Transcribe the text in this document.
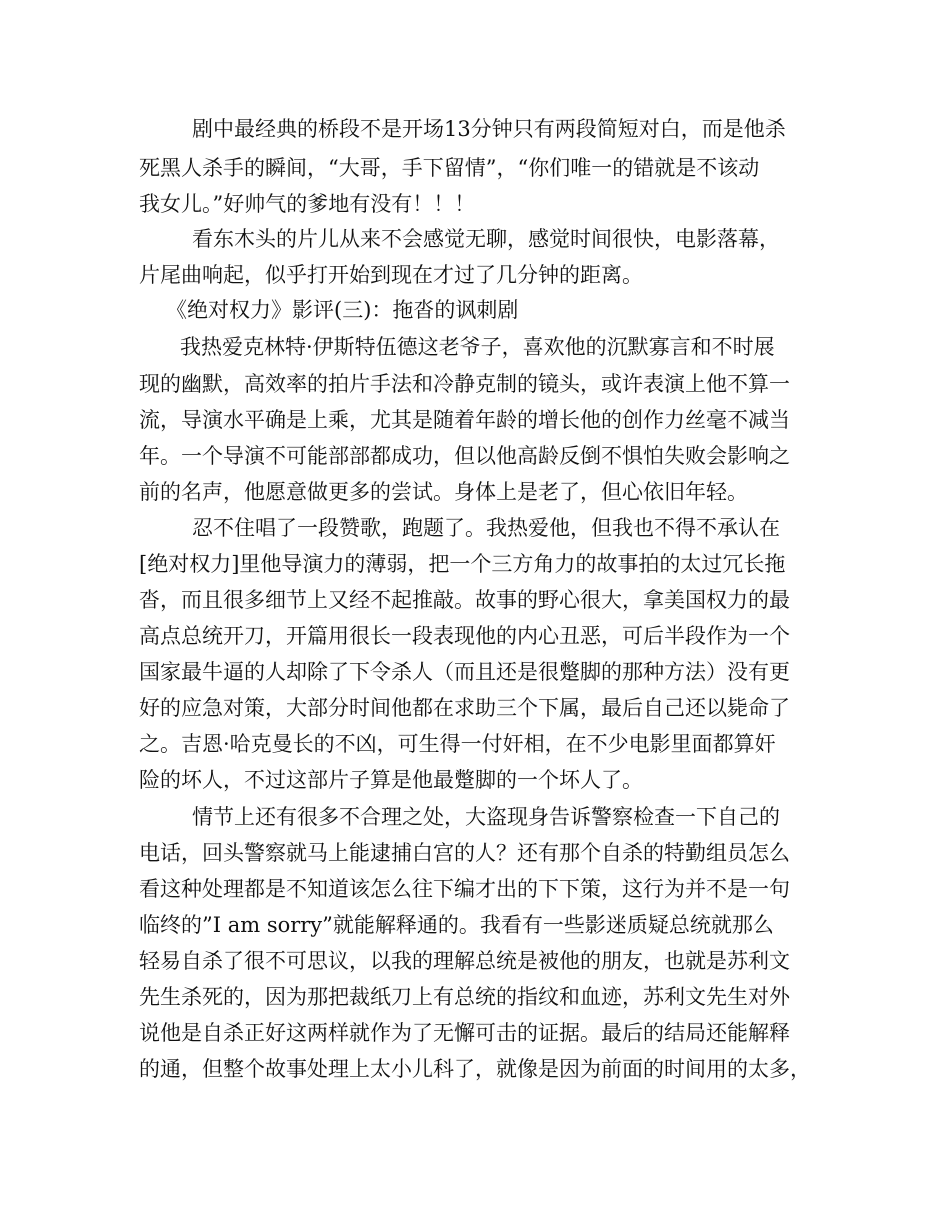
剧中最经典的桥段不是开场13分钟只有两段简短对白，而是他杀
死黑人杀手的瞬间，“大哥，手下留情”，“你们唯一的错就是不该动
我女儿。”好帅气的爹地有没有！！！
看东木头的片儿从来不会感觉无聊，感觉时间很快，电影落幕，
片尾曲响起，似乎打开始到现在才过了几分钟的距离。
《绝对权力》影评(三)：拖沓的讽刺剧
我热爱克林特·伊斯特伍德这老爷子，喜欢他的沉默寡言和不时展
现的幽默，高效率的拍片手法和冷静克制的镜头，或许表演上他不算一
流，导演水平确是上乘，尤其是随着年龄的增长他的创作力丝毫不减当
年。一个导演不可能部部都成功，但以他高龄反倒不惧怕失败会影响之
前的名声，他愿意做更多的尝试。身体上是老了，但心依旧年轻。
忍不住唱了一段赞歌，跑题了。我热爱他，但我也不得不承认在
[绝对权力]里他导演力的薄弱，把一个三方角力的故事拍的太过冗长拖
沓，而且很多细节上又经不起推敲。故事的野心很大，拿美国权力的最
高点总统开刀，开篇用很长一段表现他的内心丑恶，可后半段作为一个
国家最牛逼的人却除了下令杀人（而且还是很蹩脚的那种方法）没有更
好的应急对策，大部分时间他都在求助三个下属，最后自己还以毙命了
之。吉恩·哈克曼长的不凶，可生得一付奸相，在不少电影里面都算奸
险的坏人，不过这部片子算是他最蹩脚的一个坏人了。
情节上还有很多不合理之处，大盗现身告诉警察检查一下自己的
电话，回头警察就马上能逮捕白宫的人？还有那个自杀的特勤组员怎么
看这种处理都是不知道该怎么往下编才出的下下策，这行为并不是一句
临终的”I am sorry”就能解释通的。我看有一些影迷质疑总统就那么
轻易自杀了很不可思议，以我的理解总统是被他的朋友，也就是苏利文
先生杀死的，因为那把裁纸刀上有总统的指纹和血迹，苏利文先生对外
说他是自杀正好这两样就作为了无懈可击的证据。最后的结局还能解释
的通，但整个故事处理上太小儿科了，就像是因为前面的时间用的太多，
